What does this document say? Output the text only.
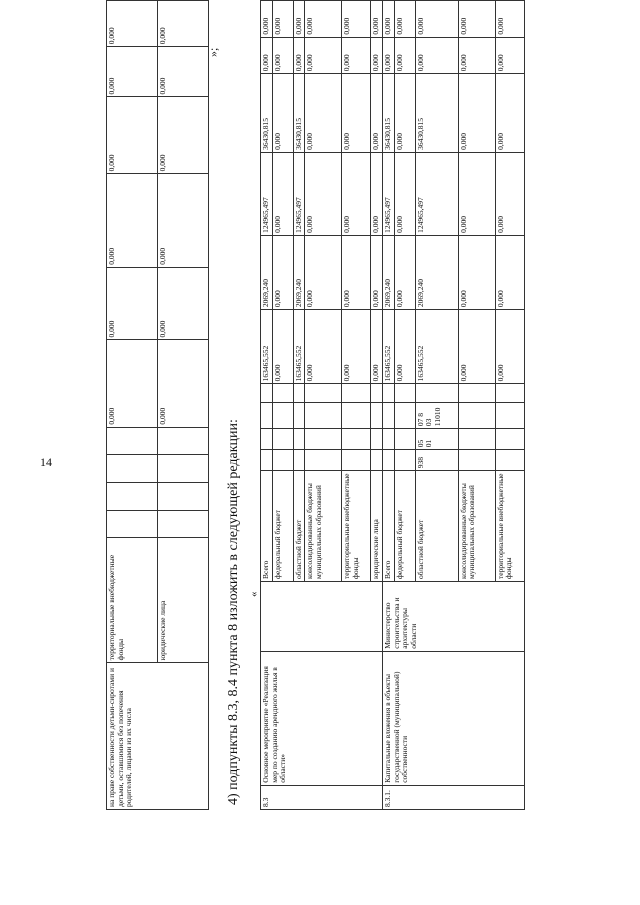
14
на праве собственности детьми-сиротами и детьми, оставшимися без попечения родителей, лицами из их числа	территориальные внебюджетные фонды					0,000	0,000	0,000	0,000	0,000	0,000
	юридические лица					0,000	0,000	0,000	0,000	0,000	0,000
»;
4) подпункты 8.3, 8.4 пункта 8 изложить в следующей редакции: «
8.3	Основное мероприятие «Реализация мер по созданию арендного жилья в области»		Всего					163465,552	2069,240	124965,497	36430,815	0,000	0,000
			федеральный бюджет					0,000	0,000	0,000	0,000	0,000	0,000
			областной бюджет					163465,552	2069,240	124965,497	36430,815	0,000	0,000
			консолидированные бюджеты муниципальных образований					0,000	0,000	0,000	0,000	0,000	0,000
			территориальные внебюджетные фонды					0,000	0,000	0,000	0,000	0,000	0,000
			юридические лица					0,000	0,000	0,000	0,000	0,000	0,000
8.3.1.	Капитальные вложения в объекты государственной (муниципальной) собственности	Министерство строительства и архитектуры области	Всего					163465,552	2069,240	124965,497	36430,815	0,000	0,000
			федеральный бюджет					0,000	0,000	0,000	0,000	0,000	0,000
			областной бюджет	938	05 01	07 8 03 11010		163465,552	2069,240	124965,497	36430,815	0,000	0,000
			консолидированные бюджеты муниципальных образований					0,000	0,000	0,000	0,000	0,000	0,000
			территориальные внебюджетные фонды					0,000	0,000	0,000	0,000	0,000	0,000
